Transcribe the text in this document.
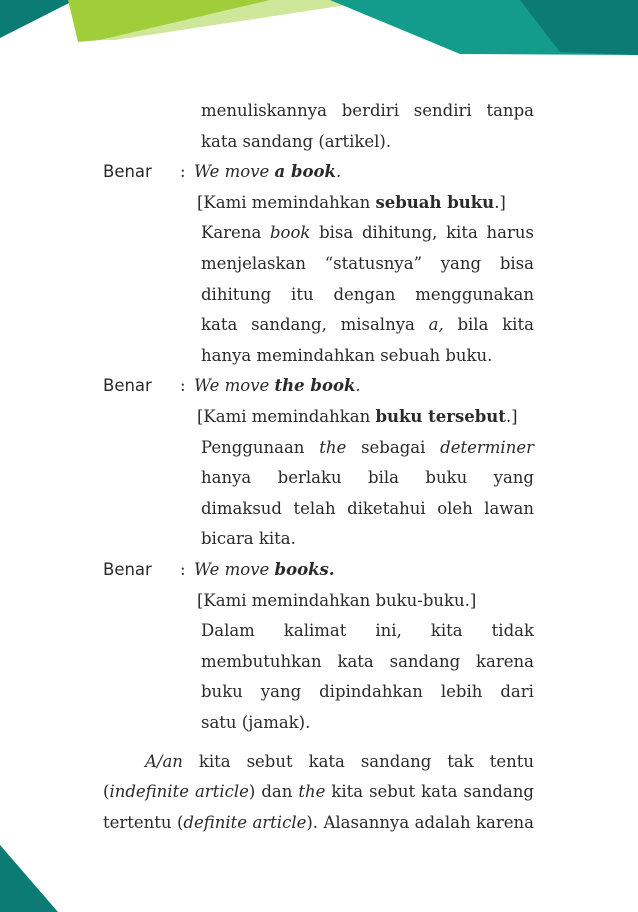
menuliskannya berdiri sendiri tanpa
kata sandang (artikel).
Benar : We move a book.
[Kami memindahkan sebuah buku.]
Karena book bisa dihitung, kita harus
menjelaskan “statusnya” yang bisa
dihitung itu dengan menggunakan
kata sandang, misalnya a, bila kita
hanya memindahkan sebuah buku.
Benar : We move the book.
[Kami memindahkan buku tersebut.]
Penggunaan the sebagai determiner
hanya berlaku bila buku yang
dimaksud telah diketahui oleh lawan
bicara kita.
Benar : We move books.
[Kami memindahkan buku-buku.]
Dalam kalimat ini, kita tidak
membutuhkan kata sandang karena
buku yang dipindahkan lebih dari
satu (jamak).
A/an kita sebut kata sandang tak tentu
(indefinite article) dan the kita sebut kata sandang
tertentu (definite article). Alasannya adalah karena
